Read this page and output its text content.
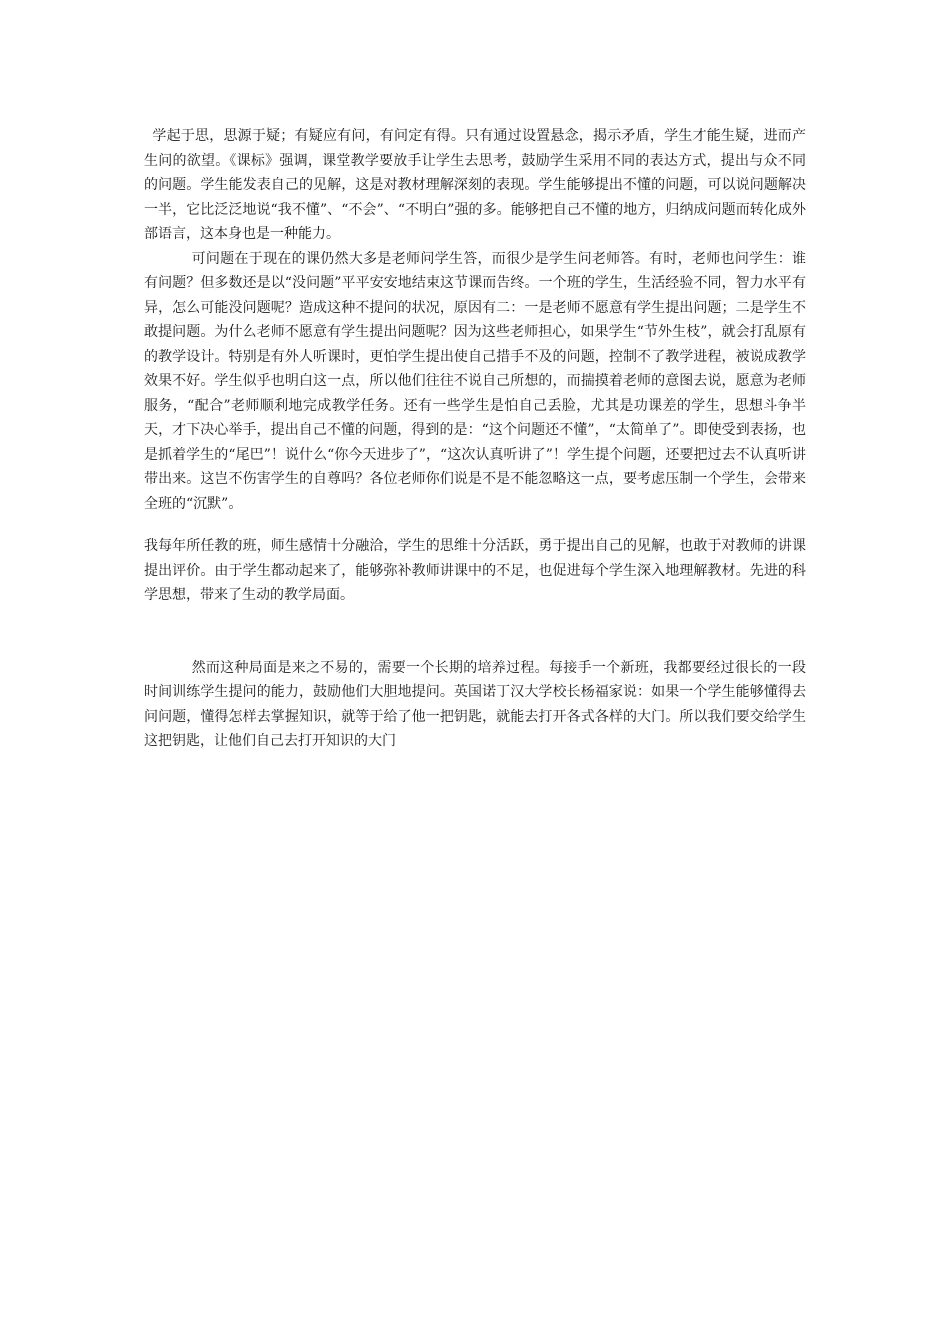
学起于思，思源于疑；有疑应有问，有问定有得。只有通过设置悬念，揭示矛盾，学生才能生疑，进而产生问的欲望。《课标》强调，课堂教学要放手让学生去思考，鼓励学生采用不同的表达方式，提出与众不同的问题。学生能发表自己的见解，这是对教材理解深刻的表现。学生能够提出不懂的问题，可以说问题解决一半，它比泛泛地说“我不懂”、“不会”、“不明白”强的多。能够把自己不懂的地方，归纳成问题而转化成外部语言，这本身也是一种能力。

可问题在于现在的课仍然大多是老师问学生答，而很少是学生问老师答。有时，老师也问学生：谁有问题？但多数还是以“没问题”平平安安地结束这节课而告终。一个班的学生，生活经验不同，智力水平有异，怎么可能没问题呢？造成这种不提问的状况，原因有二：一是老师不愿意有学生提出问题；二是学生不敢提问题。为什么老师不愿意有学生提出问题呢？因为这些老师担心，如果学生“节外生枝”，就会打乱原有的教学设计。特别是有外人听课时，更怕学生提出使自己措手不及的问题，控制不了教学进程，被说成教学效果不好。学生似乎也明白这一点，所以他们往往不说自己所想的，而揣摸着老师的意图去说，愿意为老师服务，“配合”老师顺利地完成教学任务。还有一些学生是怕自己丢脸，尤其是功课差的学生，思想斗争半天，才下决心举手，提出自己不懂的问题，得到的是：“这个问题还不懂”，“太简单了”。即使受到表扬，也是抓着学生的“尾巴”！说什么“你今天进步了”，“这次认真听讲了”！学生提个问题，还要把过去不认真听讲带出来。这岂不伤害学生的自尊吗？各位老师你们说是不是不能忽略这一点，要考虑压制一个学生，会带来全班的“沉默”。

我每年所任教的班，师生感情十分融洽，学生的思维十分活跃，勇于提出自己的见解，也敢于对教师的讲课提出评价。由于学生都动起来了，能够弥补教师讲课中的不足，也促进每个学生深入地理解教材。先进的科学思想，带来了生动的教学局面。

然而这种局面是来之不易的，需要一个长期的培养过程。每接手一个新班，我都要经过很长的一段时间训练学生提问的能力，鼓励他们大胆地提问。英国诺丁汉大学校长杨福家说：如果一个学生能够懂得去问问题，懂得怎样去掌握知识，就等于给了他一把钥匙，就能去打开各式各样的大门。所以我们要交给学生这把钥匙，让他们自己去打开知识的大门
